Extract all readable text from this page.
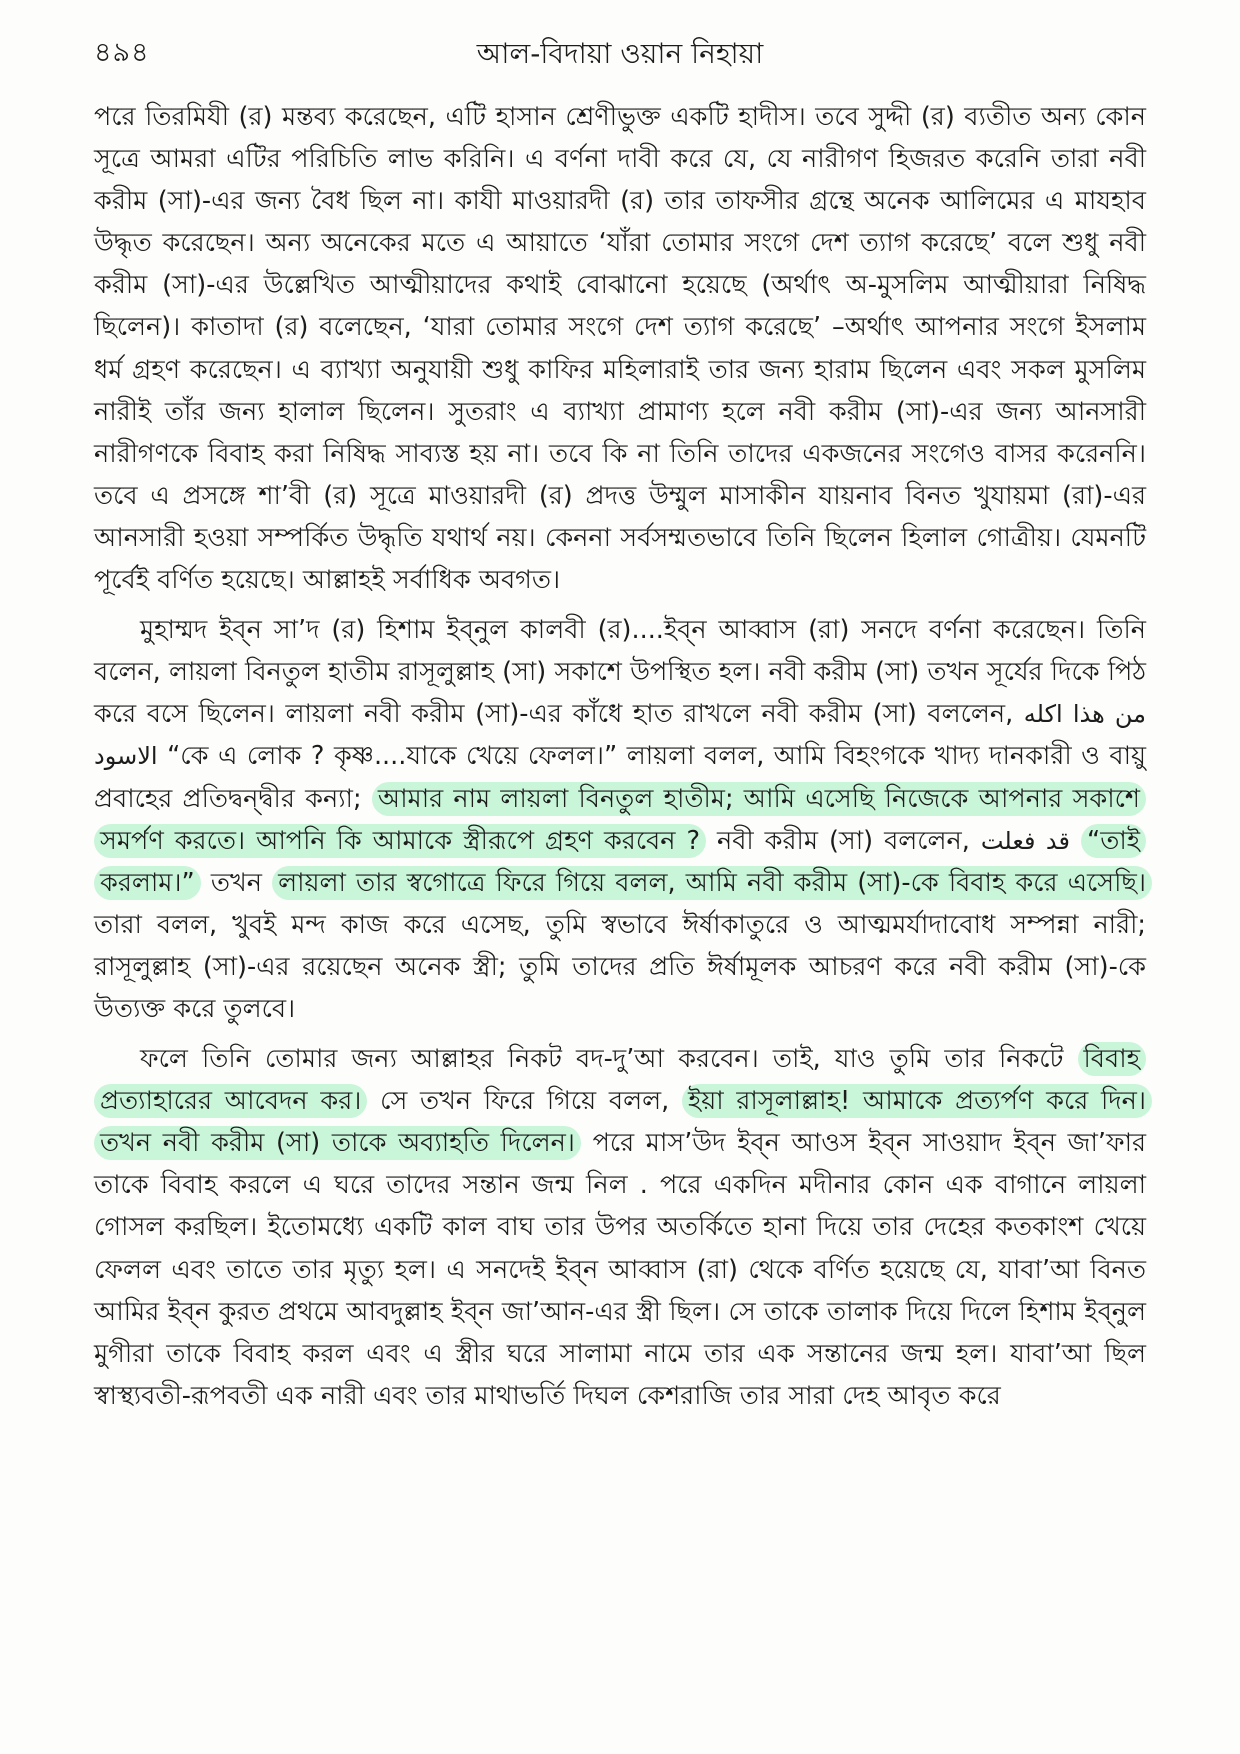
৪৯৪	আল-বিদায়া ওয়ান নিহায়া

পরে তিরমিযী (র) মন্তব্য করেছেন, এটি হাসান শ্রেণীভুক্ত একটি হাদীস। তবে সুদ্দী (র) ব্যতীত অন্য কোন সূত্রে আমরা এটির পরিচিতি লাভ করিনি। এ বর্ণনা দাবী করে যে, যে নারীগণ হিজরত করেনি তারা নবী করীম (সা)-এর জন্য বৈধ ছিল না। কাযী মাওয়ারদী (র) তার তাফসীর গ্রন্থে অনেক আলিমের এ মাযহাব উদ্ধৃত করেছেন। অন্য অনেকের মতে এ আয়াতে ‘যাঁরা তোমার সংগে দেশ ত্যাগ করেছে’ বলে শুধু নবী করীম (সা)-এর উল্লেখিত আত্মীয়াদের কথাই বোঝানো হয়েছে (অর্থাৎ অ-মুসলিম আত্মীয়ারা নিষিদ্ধ ছিলেন)। কাতাদা (র) বলেছেন, ‘যারা তোমার সংগে দেশ ত্যাগ করেছে’ –অর্থাৎ আপনার সংগে ইসলাম ধর্ম গ্রহণ করেছেন। এ ব্যাখ্যা অনুযায়ী শুধু কাফির মহিলারাই তার জন্য হারাম ছিলেন এবং সকল মুসলিম নারীই তাঁর জন্য হালাল ছিলেন। সুতরাং এ ব্যাখ্যা প্রামাণ্য হলে নবী করীম (সা)-এর জন্য আনসারী নারীগণকে বিবাহ করা নিষিদ্ধ সাব্যস্ত হয় না। তবে কি না তিনি তাদের একজনের সংগেও বাসর করেননি। তবে এ প্রসঙ্গে শা’বী (র) সূত্রে মাওয়ারদী (র) প্রদত্ত উম্মুল মাসাকীন যায়নাব বিনত খুযায়মা (রা)-এর আনসারী হওয়া সম্পর্কিত উদ্ধৃতি যথার্থ নয়। কেননা সর্বসম্মতভাবে তিনি ছিলেন হিলাল গোত্রীয়। যেমনটি পূর্বেই বর্ণিত হয়েছে। আল্লাহই সর্বাধিক অবগত।

মুহাম্মদ ইব্‌ন সা’দ (র) হিশাম ইব্‌নুল কালবী (র)....ইব্‌ন আব্বাস (রা) সনদে বর্ণনা করেছেন। তিনি বলেন, লায়লা বিনতুল হাতীম রাসূলুল্লাহ (সা) সকাশে উপস্থিত হল। নবী করীম (সা) তখন সূর্যের দিকে পিঠ করে বসে ছিলেন। লায়লা নবী করীম (সা)-এর কাঁধে হাত রাখলে নবী করীম (সা) বললেন, من هذا اكله الاسود “কে এ লোক ? কৃষ্ণ....যাকে খেয়ে ফেলল।” লায়লা বলল, আমি বিহংগকে খাদ্য দানকারী ও বায়ু প্রবাহের প্রতিদ্বন্দ্বীর কন্যা; আমার নাম লায়লা বিনতুল হাতীম; আমি এসেছি নিজেকে আপনার সকাশে সমর্পণ করতে। আপনি কি আমাকে স্ত্রীরূপে গ্রহণ করবেন ? নবী করীম (সা) বললেন, قد فعلت “তাই করলাম।” তখন লায়লা তার স্বগোত্রে ফিরে গিয়ে বলল, আমি নবী করীম (সা)-কে বিবাহ করে এসেছি। তারা বলল, খুবই মন্দ কাজ করে এসেছ, তুমি স্বভাবে ঈর্ষাকাতুরে ও আত্মমর্যাদাবোধ সম্পন্না নারী; রাসূলুল্লাহ (সা)-এর রয়েছেন অনেক স্ত্রী; তুমি তাদের প্রতি ঈর্ষামূলক আচরণ করে নবী করীম (সা)-কে উত্যক্ত করে তুলবে।

ফলে তিনি তোমার জন্য আল্লাহর নিকট বদ-দু’আ করবেন। তাই, যাও তুমি তার নিকটে বিবাহ প্রত্যাহারের আবেদন কর। সে তখন ফিরে গিয়ে বলল, ইয়া রাসূলাল্লাহ! আমাকে প্রত্যর্পণ করে দিন। তখন নবী করীম (সা) তাকে অব্যাহতি দিলেন। পরে মাস’উদ ইব্‌ন আওস ইব্‌ন সাওয়াদ ইব্‌ন জা’ফার তাকে বিবাহ করলে এ ঘরে তাদের সন্তান জন্ম নিল . পরে একদিন মদীনার কোন এক বাগানে লায়লা গোসল করছিল। ইতোমধ্যে একটি কাল বাঘ তার উপর অতর্কিতে হানা দিয়ে তার দেহের কতকাংশ খেয়ে ফেলল এবং তাতে তার মৃত্যু হল। এ সনদেই ইব্‌ন আব্বাস (রা) থেকে বর্ণিত হয়েছে যে, যাবা’আ বিনত আমির ইব্‌ন কুরত প্রথমে আবদুল্লাহ ইব্‌ন জা’আন-এর স্ত্রী ছিল। সে তাকে তালাক দিয়ে দিলে হিশাম ইব্‌নুল মুগীরা তাকে বিবাহ করল এবং এ স্ত্রীর ঘরে সালামা নামে তার এক সন্তানের জন্ম হল। যাবা’আ ছিল স্বাস্থ্যবতী-রূপবতী এক নারী এবং তার মাথাভর্তি দিঘল কেশরাজি তার সারা দেহ আবৃত করে
